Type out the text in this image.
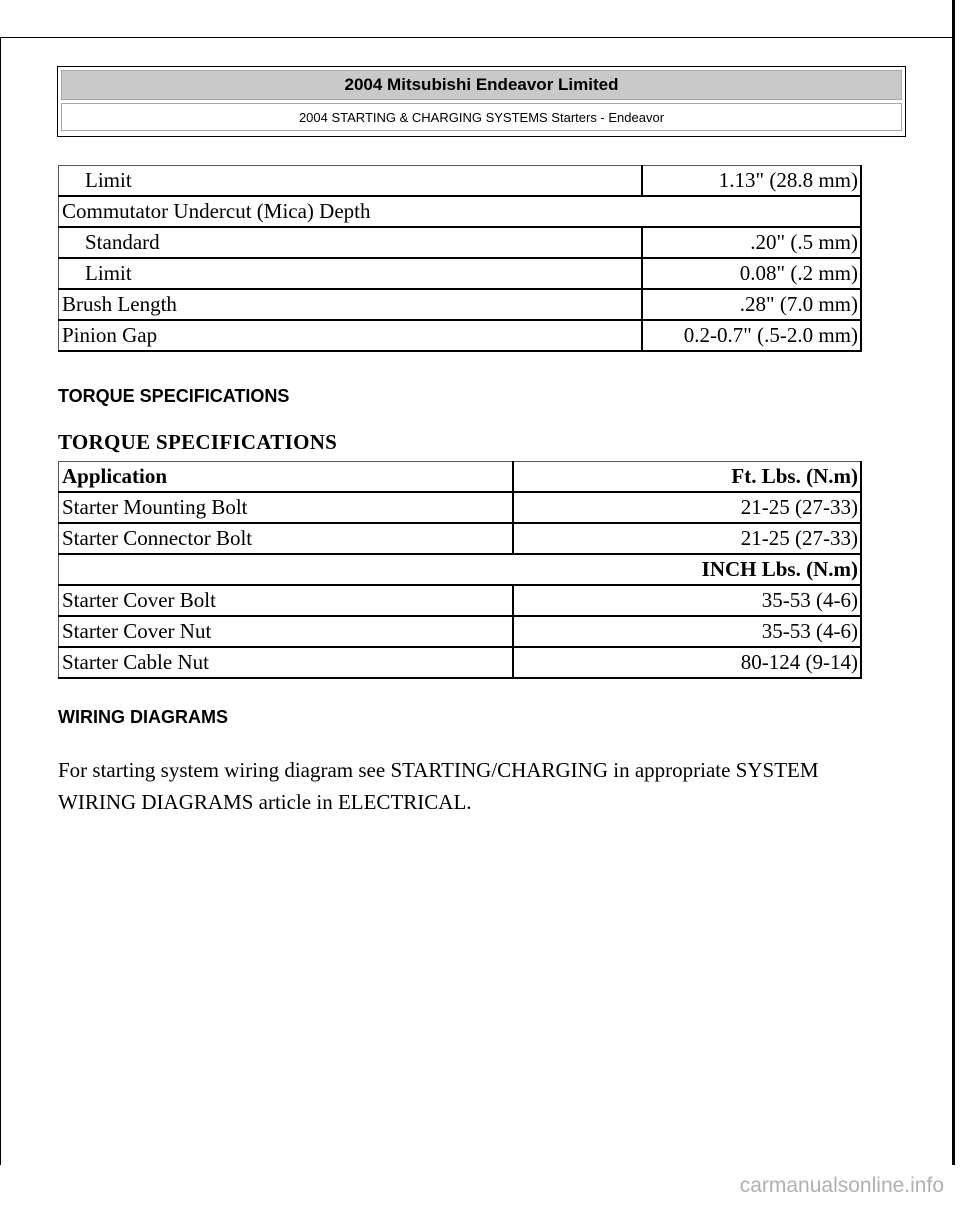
2004 Mitsubishi Endeavor Limited
2004 STARTING & CHARGING SYSTEMS Starters - Endeavor
Limit	1.13" (28.8 mm)
Commutator Undercut (Mica) Depth	
Standard	.20" (.5 mm)
Limit	0.08" (.2 mm)
Brush Length	.28" (7.0 mm)
Pinion Gap	0.2-0.7" (.5-2.0 mm)
TORQUE SPECIFICATIONS
TORQUE SPECIFICATIONS
Application	Ft. Lbs. (N.m)
Starter Mounting Bolt	21-25 (27-33)
Starter Connector Bolt	21-25 (27-33)
INCH Lbs. (N.m)	
Starter Cover Bolt	35-53 (4-6)
Starter Cover Nut	35-53 (4-6)
Starter Cable Nut	80-124 (9-14)
WIRING DIAGRAMS
For starting system wiring diagram see STARTING/CHARGING in appropriate SYSTEM WIRING DIAGRAMS article in ELECTRICAL.
carmanualsonline.info
